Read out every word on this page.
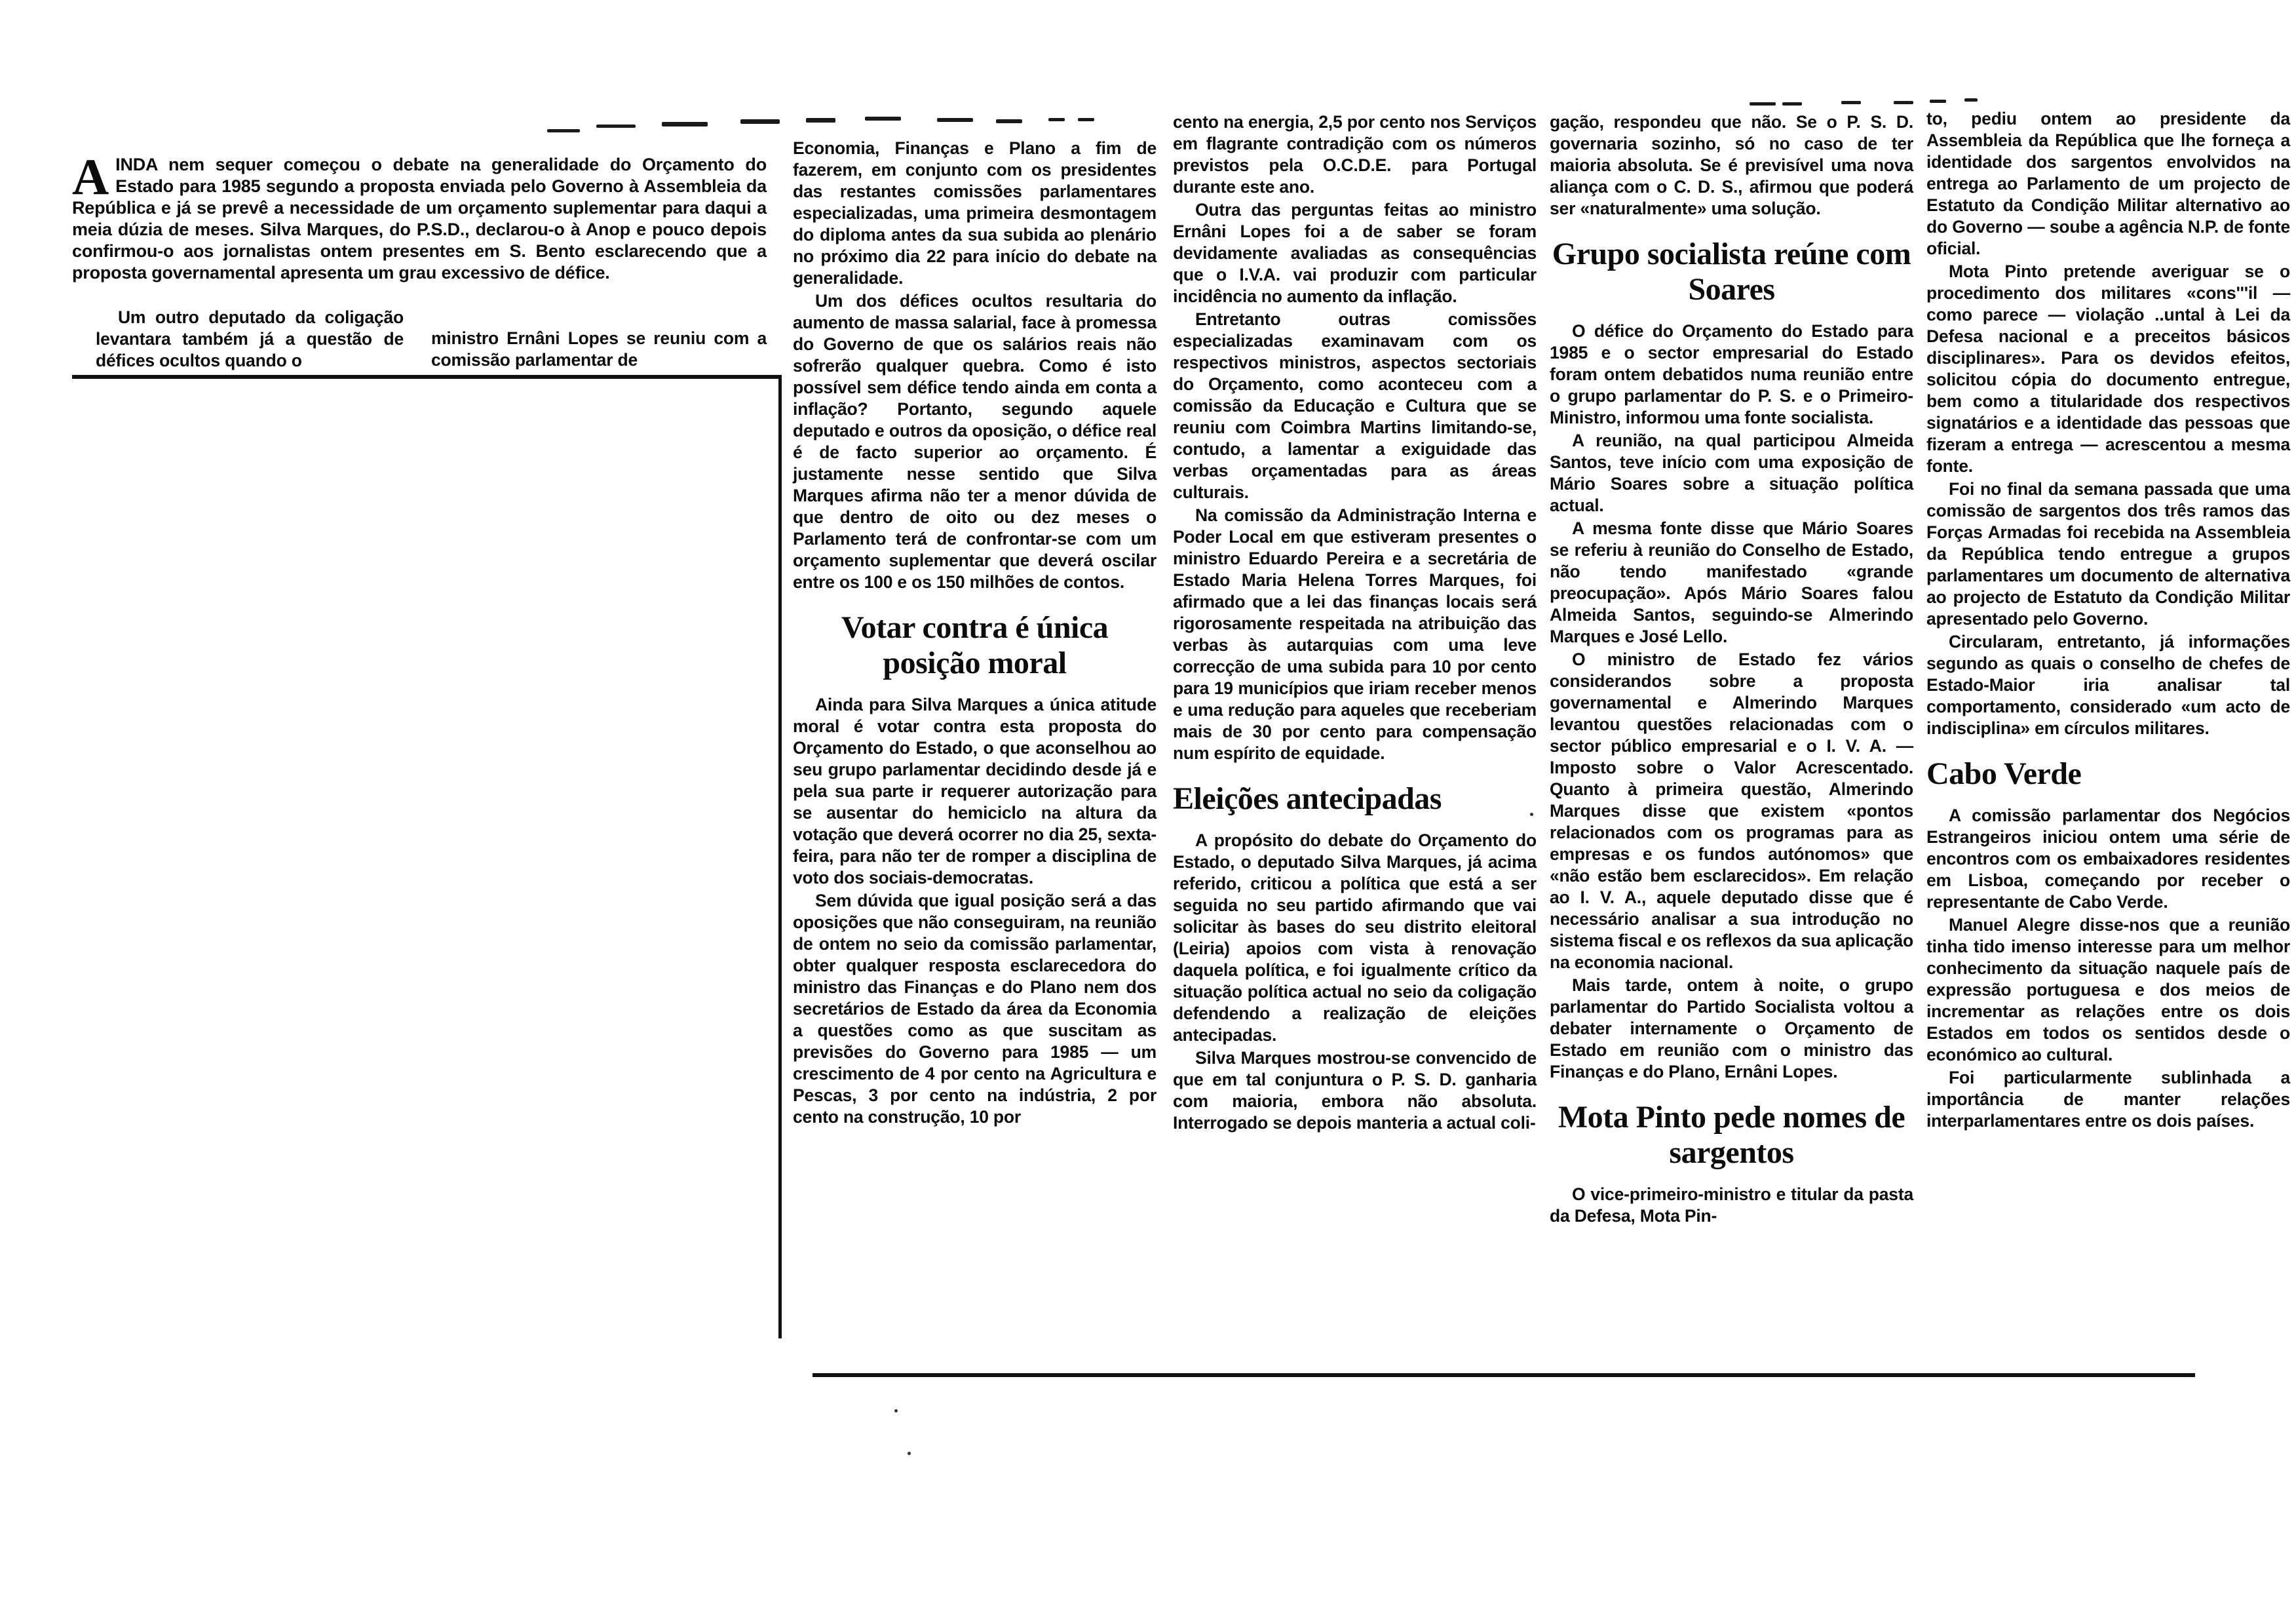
A INDA nem sequer começou o debate na generalidade do Orçamento do Estado para 1985 segundo a proposta enviada pelo Governo à Assembleia da República e já se prevê a necessidade de um orçamento suplementar para daqui a meia dúzia de meses. Silva Marques, do P.S.D., declarou-o à Anop e pouco depois confirmou-o aos jornalistas ontem presentes em S. Bento esclarecendo que a proposta governamental apresenta um grau excessivo de défice.

Um outro deputado da coligação levantara também já a questão de défices ocultos quando o

ministro Ernâni Lopes se reuniu com a comissão parlamentar de

Economia, Finanças e Plano a fim de fazerem, em conjunto com os presidentes das restantes comissões parlamentares especializadas, uma primeira desmontagem do diploma antes da sua subida ao plenário no próximo dia 22 para início do debate na generalidade.

Um dos défices ocultos resultaria do aumento de massa salarial, face à promessa do Governo de que os salários reais não sofrerão qualquer quebra. Como é isto possível sem défice tendo ainda em conta a inflação? Portanto, segundo aquele deputado e outros da oposição, o défice real é de facto superior ao orçamento. É justamente nesse sentido que Silva Marques afirma não ter a menor dúvida de que dentro de oito ou dez meses o Parlamento terá de confrontar-se com um orçamento suplementar que deverá oscilar entre os 100 e os 150 milhões de contos.

Votar contra é única posição moral

Ainda para Silva Marques a única atitude moral é votar contra esta proposta do Orçamento do Estado, o que aconselhou ao seu grupo parlamentar decidindo desde já e pela sua parte ir requerer autorização para se ausentar do hemiciclo na altura da votação que deverá ocorrer no dia 25, sexta-feira, para não ter de romper a disciplina de voto dos sociais-democratas.

Sem dúvida que igual posição será a das oposições que não conseguiram, na reunião de ontem no seio da comissão parlamentar, obter qualquer resposta esclarecedora do ministro das Finanças e do Plano nem dos secretários de Estado da área da Economia a questões como as que suscitam as previsões do Governo para 1985 — um crescimento de 4 por cento na Agricultura e Pescas, 3 por cento na indústria, 2 por cento na construção, 10 por

cento na energia, 2,5 por cento nos Serviços em flagrante contradição com os números previstos pela O.C.D.E. para Portugal durante este ano.

Outra das perguntas feitas ao ministro Ernâni Lopes foi a de saber se foram devidamente avaliadas as consequências que o I.V.A. vai produzir com particular incidência no aumento da inflação.

Entretanto outras comissões especializadas examinavam com os respectivos ministros, aspectos sectoriais do Orçamento, como aconteceu com a comissão da Educação e Cultura que se reuniu com Coimbra Martins limitando-se, contudo, a lamentar a exiguidade das verbas orçamentadas para as áreas culturais.

Na comissão da Administração Interna e Poder Local em que estiveram presentes o ministro Eduardo Pereira e a secretária de Estado Maria Helena Torres Marques, foi afirmado que a lei das finanças locais será rigorosamente respeitada na atribuição das verbas às autarquias com uma leve correcção de uma subida para 10 por cento para 19 municípios que iriam receber menos e uma redução para aqueles que receberiam mais de 30 por cento para compensação num espírito de equidade.

Eleições antecipadas

A propósito do debate do Orçamento do Estado, o deputado Silva Marques, já acima referido, criticou a política que está a ser seguida no seu partido afirmando que vai solicitar às bases do seu distrito eleitoral (Leiria) apoios com vista à renovação daquela política, e foi igualmente crítico da situação política actual no seio da coligação defendendo a realização de eleições antecipadas.

Silva Marques mostrou-se convencido de que em tal conjuntura o P. S. D. ganharia com maioria, embora não absoluta. Interrogado se depois manteria a actual coli-

gação, respondeu que não. Se o P. S. D. governaria sozinho, só no caso de ter maioria absoluta. Se é previsível uma nova aliança com o C. D. S., afirmou que poderá ser «naturalmente» uma solução.

Grupo socialista reúne com Soares

O défice do Orçamento do Estado para 1985 e o sector empresarial do Estado foram ontem debatidos numa reunião entre o grupo parlamentar do P. S. e o Primeiro-Ministro, informou uma fonte socialista.

A reunião, na qual participou Almeida Santos, teve início com uma exposição de Mário Soares sobre a situação política actual.

A mesma fonte disse que Mário Soares se referiu à reunião do Conselho de Estado, não tendo manifestado «grande preocupação». Após Mário Soares falou Almeida Santos, seguindo-se Almerindo Marques e José Lello.

O ministro de Estado fez vários considerandos sobre a proposta governamental e Almerindo Marques levantou questões relacionadas com o sector público empresarial e o I. V. A. — Imposto sobre o Valor Acrescentado. Quanto à primeira questão, Almerindo Marques disse que existem «pontos relacionados com os programas para as empresas e os fundos autónomos» que «não estão bem esclarecidos». Em relação ao I. V. A., aquele deputado disse que é necessário analisar a sua introdução no sistema fiscal e os reflexos da sua aplicação na economia nacional.

Mais tarde, ontem à noite, o grupo parlamentar do Partido Socialista voltou a debater internamente o Orçamento de Estado em reunião com o ministro das Finanças e do Plano, Ernâni Lopes.

Mota Pinto pede nomes de sargentos

O vice-primeiro-ministro e titular da pasta da Defesa, Mota Pin-

to, pediu ontem ao presidente da Assembleia da República que lhe forneça a identidade dos sargentos envolvidos na entrega ao Parlamento de um projecto de Estatuto da Condição Militar alternativo ao do Governo — soube a agência N.P. de fonte oficial.

Mota Pinto pretende averiguar se o procedimento dos militares «cons'''il — como parece — violação ..untal à Lei da Defesa nacional e a preceitos básicos disciplinares». Para os devidos efeitos, solicitou cópia do documento entregue, bem como a titularidade dos respectivos signatários e a identidade das pessoas que fizeram a entrega — acrescentou a mesma fonte.

Foi no final da semana passada que uma comissão de sargentos dos três ramos das Forças Armadas foi recebida na Assembleia da República tendo entregue a grupos parlamentares um documento de alternativa ao projecto de Estatuto da Condição Militar apresentado pelo Governo.

Circularam, entretanto, já informações segundo as quais o conselho de chefes de Estado-Maior iria analisar tal comportamento, considerado «um acto de indisciplina» em círculos militares.

Cabo Verde

A comissão parlamentar dos Negócios Estrangeiros iniciou ontem uma série de encontros com os embaixadores residentes em Lisboa, começando por receber o representante de Cabo Verde.

Manuel Alegre disse-nos que a reunião tinha tido imenso interesse para um melhor conhecimento da situação naquele país de expressão portuguesa e dos meios de incrementar as relações entre os dois Estados em todos os sentidos desde o económico ao cultural.

Foi particularmente sublinhada a importância de manter relações interparlamentares entre os dois países.
